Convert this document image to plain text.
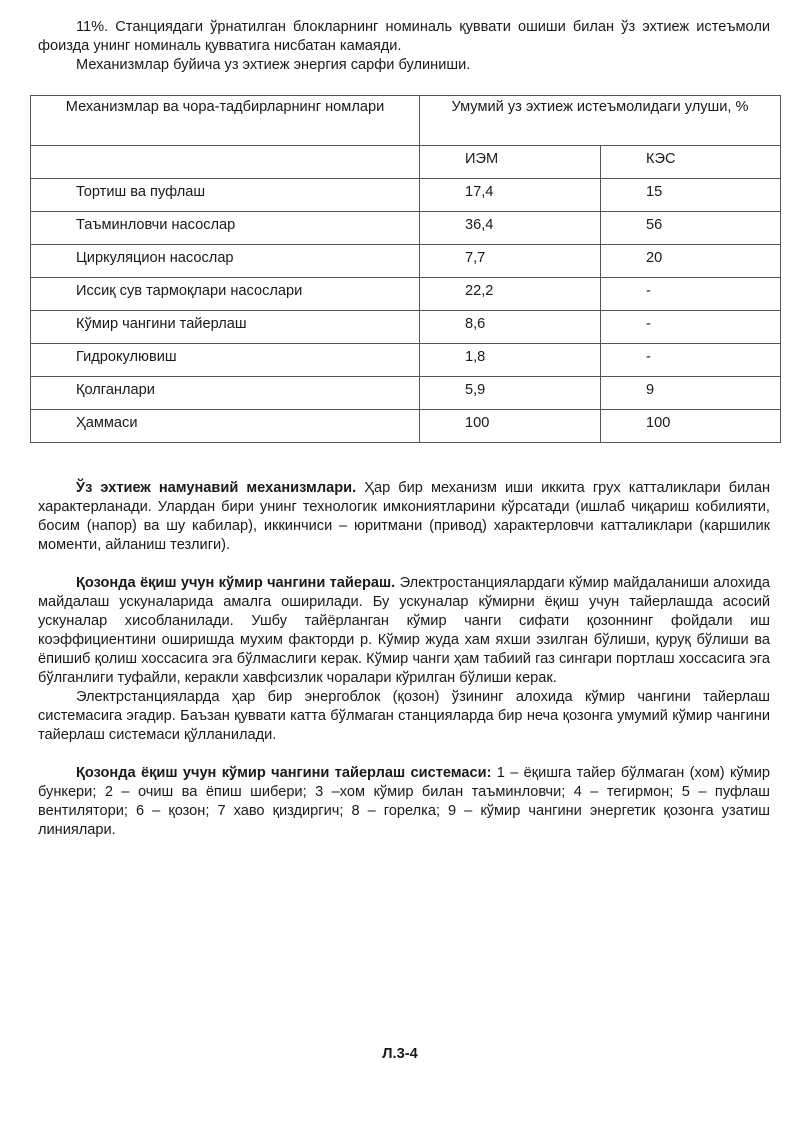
11%. Станциядаги ўрнатилган блокларнинг номиналь қуввати ошиши билан ўз эхтиеж истеъмоли фоизда унинг номиналь қувватига нисбатан камаяди.

Механизмлар буйича уз эхтиеж энергия сарфи булиниши.

Механизмлар ва чора-тадбирларнинг номлари	Умумий уз эхтиеж истеъмолидаги улуши, %	
	ИЭМ	КЭС
Тортиш ва пуфлаш	17,4	15
Таъминловчи насослар	36,4	56
Циркуляцион насослар	7,7	20
Иссиқ сув тармоқлари насослари	22,2	-
Кўмир чангини тайерлаш	8,6	-
Гидрокулювиш	1,8	-
Қолганлари	5,9	9
Ҳаммаси	100	100

Ўз эхтиеж намунавий механизмлари. Ҳар бир механизм иши иккита грух катталиклари билан характерланади. Улардан бири унинг технологик имкониятларини кўрсатади (ишлаб чиқариш кобилияти, босим (напор) ва шу кабилар), иккинчиси – юритмани (привод) характерловчи катталиклари (каршилик моменти, айланиш тезлиги).

Қозонда ёқиш учун кўмир чангини тайераш. Электростанциялардаги кўмир майдаланиши алохида майдалаш ускуналарида амалга оширилади. Бу ускуналар кўмирни ёқиш учун тайерлашда асосий ускуналар хисобланилади. Ушбу тайёрланган кўмир чанги сифати қозоннинг фойдали иш коэффициентини оширишда мухим факторди р. Кўмир жуда хам яхши эзилган бўлиши, қуруқ бўлиши ва ёпишиб қолиш хоссасига эга бўлмаслиги керак. Кўмир чанги ҳам табиий газ сингари портлаш хоссасига эга бўлганлиги туфайли, керакли хавфсизлик чоралари кўрилган бўлиши керак.

Электрстанцияларда ҳар бир энергоблок (қозон) ўзининг алохида кўмир чангини тайерлаш системасига эгадир. Баъзан қуввати катта бўлмаган станцияларда бир неча қозонга умумий кўмир чангини тайерлаш системаси қўлланилади.

Қозонда ёқиш учун кўмир чангини тайерлаш системаси: 1 – ёқишга тайер бўлмаган (хом) кўмир бункери; 2 – очиш ва ёпиш шибери; 3 –хом кўмир билан таъминловчи; 4 – тегирмон; 5 – пуфлаш вентилятори; 6 – қозон; 7 хаво қиздиргич; 8 – горелка; 9 – кўмир чангини энергетик қозонга узатиш линиялари.

Л.3-4
